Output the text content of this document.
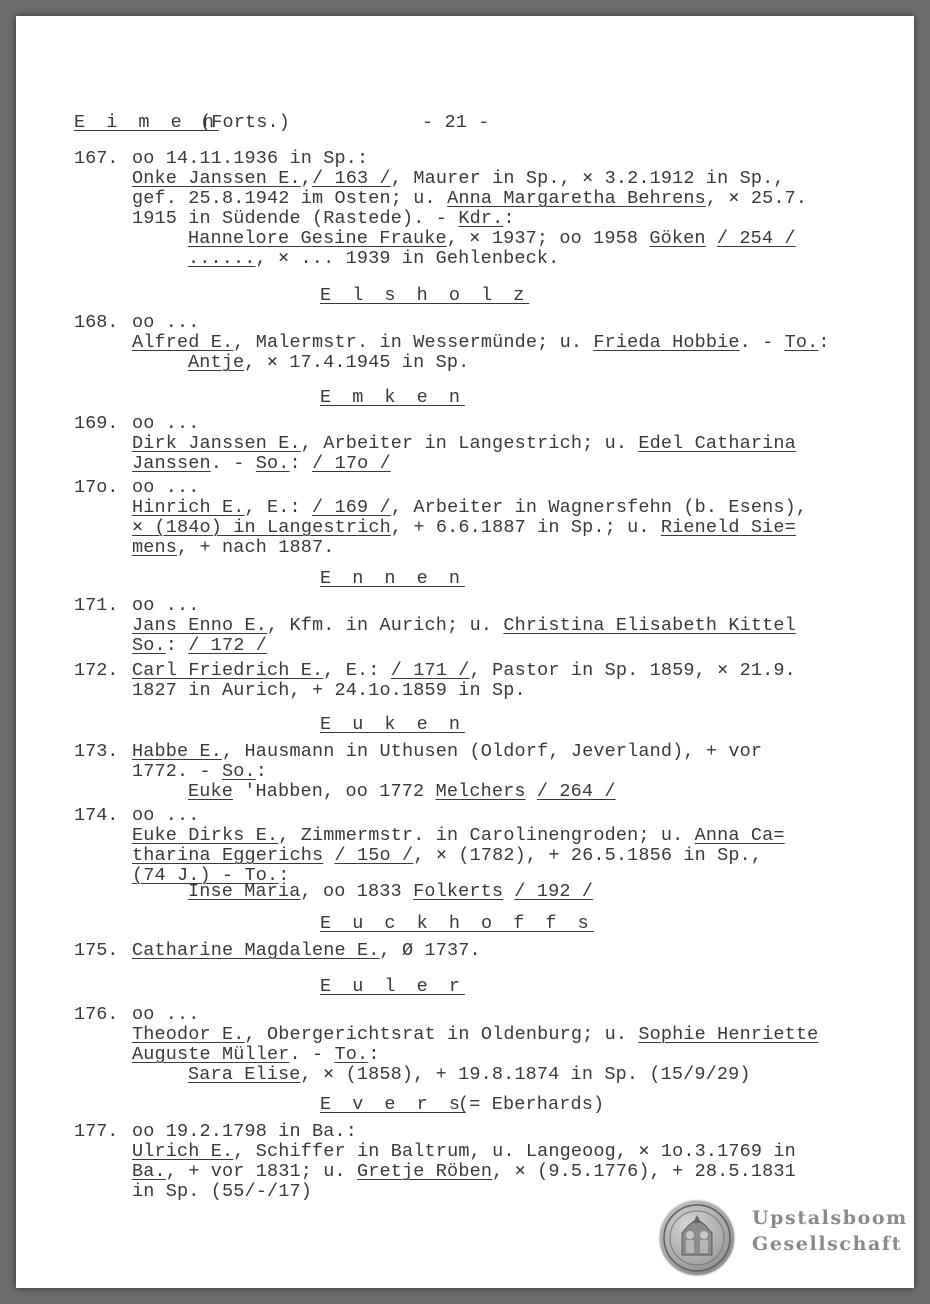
E i m e n
(Forts.)	- 21 -
167. oo 14.11.1936 in Sp.:
Onke Janssen E.,/ 163 /, Maurer in Sp., ⨯ 3.2.1912 in Sp.,
gef. 25.8.1942 im Osten; u. Anna Margaretha Behrens, ⨯ 25.7.
1915 in Südende (Rastede). - Kdr.:
Hannelore Gesine Frauke, ⨯ 1937; oo 1958 Göken / 254 /
......, ⨯ ... 1939 in Gehlenbeck.
E l s h o l z
168. oo ...
Alfred E., Malermstr. in Wessermünde; u. Frieda Hobbie. - To.:
Antje, ⨯ 17.4.1945 in Sp.
E m k e n
169. oo ...
Dirk Janssen E., Arbeiter in Langestrich; u. Edel Catharina
Janssen. - So.: / 17o /
17o. oo ...
Hinrich E., E.: / 169 /, Arbeiter in Wagnersfehn (b. Esens),
⨯ (184o) in Langestrich, + 6.6.1887 in Sp.; u. Rieneld Sie=
mens, + nach 1887.
E n n e n
171. oo ...
Jans Enno E., Kfm. in Aurich; u. Christina Elisabeth Kittel
So.: / 172 /
172. Carl Friedrich E., E.: / 171 /, Pastor in Sp. 1859, ⨯ 21.9.
1827 in Aurich, + 24.1o.1859 in Sp.
E u k e n
173. Habbe E., Hausmann in Uthusen (Oldorf, Jeverland), + vor
1772. - So.:
Euke 'Habben, oo 1772 Melchers / 264 /
174. oo ...
Euke Dirks E., Zimmermstr. in Carolinengroden; u. Anna Ca=
tharina Eggerichs / 15o /, ⨯ (1782), + 26.5.1856 in Sp.,
(74 J.) - To.:
Inse Maria, oo 1833 Folkerts / 192 /
E u c k h o f f s
175. Catharine Magdalene E., Ø 1737.
E u l e r
176. oo ...
Theodor E., Obergerichtsrat in Oldenburg; u. Sophie Henriette
Auguste Müller. - To.:
Sara Elise, ⨯ (1858), + 19.8.1874 in Sp. (15/9/29)
E v e r s
(= Eberhards)
177. oo 19.2.1798 in Ba.:
Ulrich E., Schiffer in Baltrum, u. Langeoog, ⨯ 1o.3.1769 in
Ba., + vor 1831; u. Gretje Röben, ⨯ (9.5.1776), + 28.5.1831
in Sp. (55/-/17)
Upstalsboom
Gesellschaft
